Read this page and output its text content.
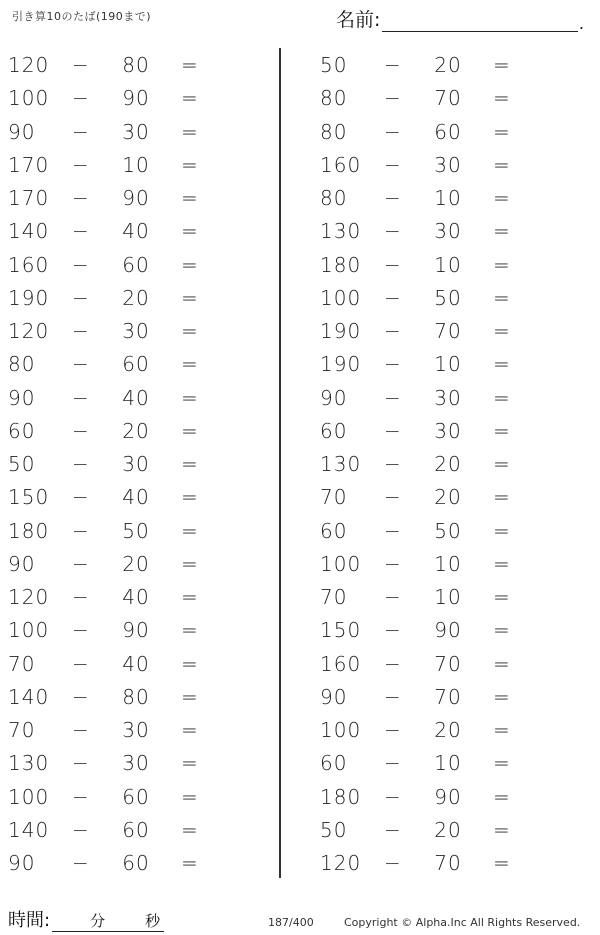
引き算10のたば(190まで)	名前:	.
120	−	80	=
100	−	90	=
90	−	30	=
170	−	10	=
170	−	90	=
140	−	40	=
160	−	60	=
190	−	20	=
120	−	30	=
80	−	60	=
90	−	40	=
60	−	20	=
50	−	30	=
150	−	40	=
180	−	50	=
90	−	20	=
120	−	40	=
100	−	90	=
70	−	40	=
140	−	80	=
70	−	30	=
130	−	30	=
100	−	60	=
140	−	60	=
90	−	60	=
50	−	20	=
80	−	70	=
80	−	60	=
160	−	30	=
80	−	10	=
130	−	30	=
180	−	10	=
100	−	50	=
190	−	70	=
190	−	10	=
90	−	30	=
60	−	30	=
130	−	20	=
70	−	20	=
60	−	50	=
100	−	10	=
70	−	10	=
150	−	90	=
160	−	70	=
90	−	70	=
100	−	20	=
60	−	10	=
180	−	90	=
50	−	20	=
120	−	70	=
時間:	分	秒	187/400	Copyright © Alpha.Inc All Rights Reserved.
